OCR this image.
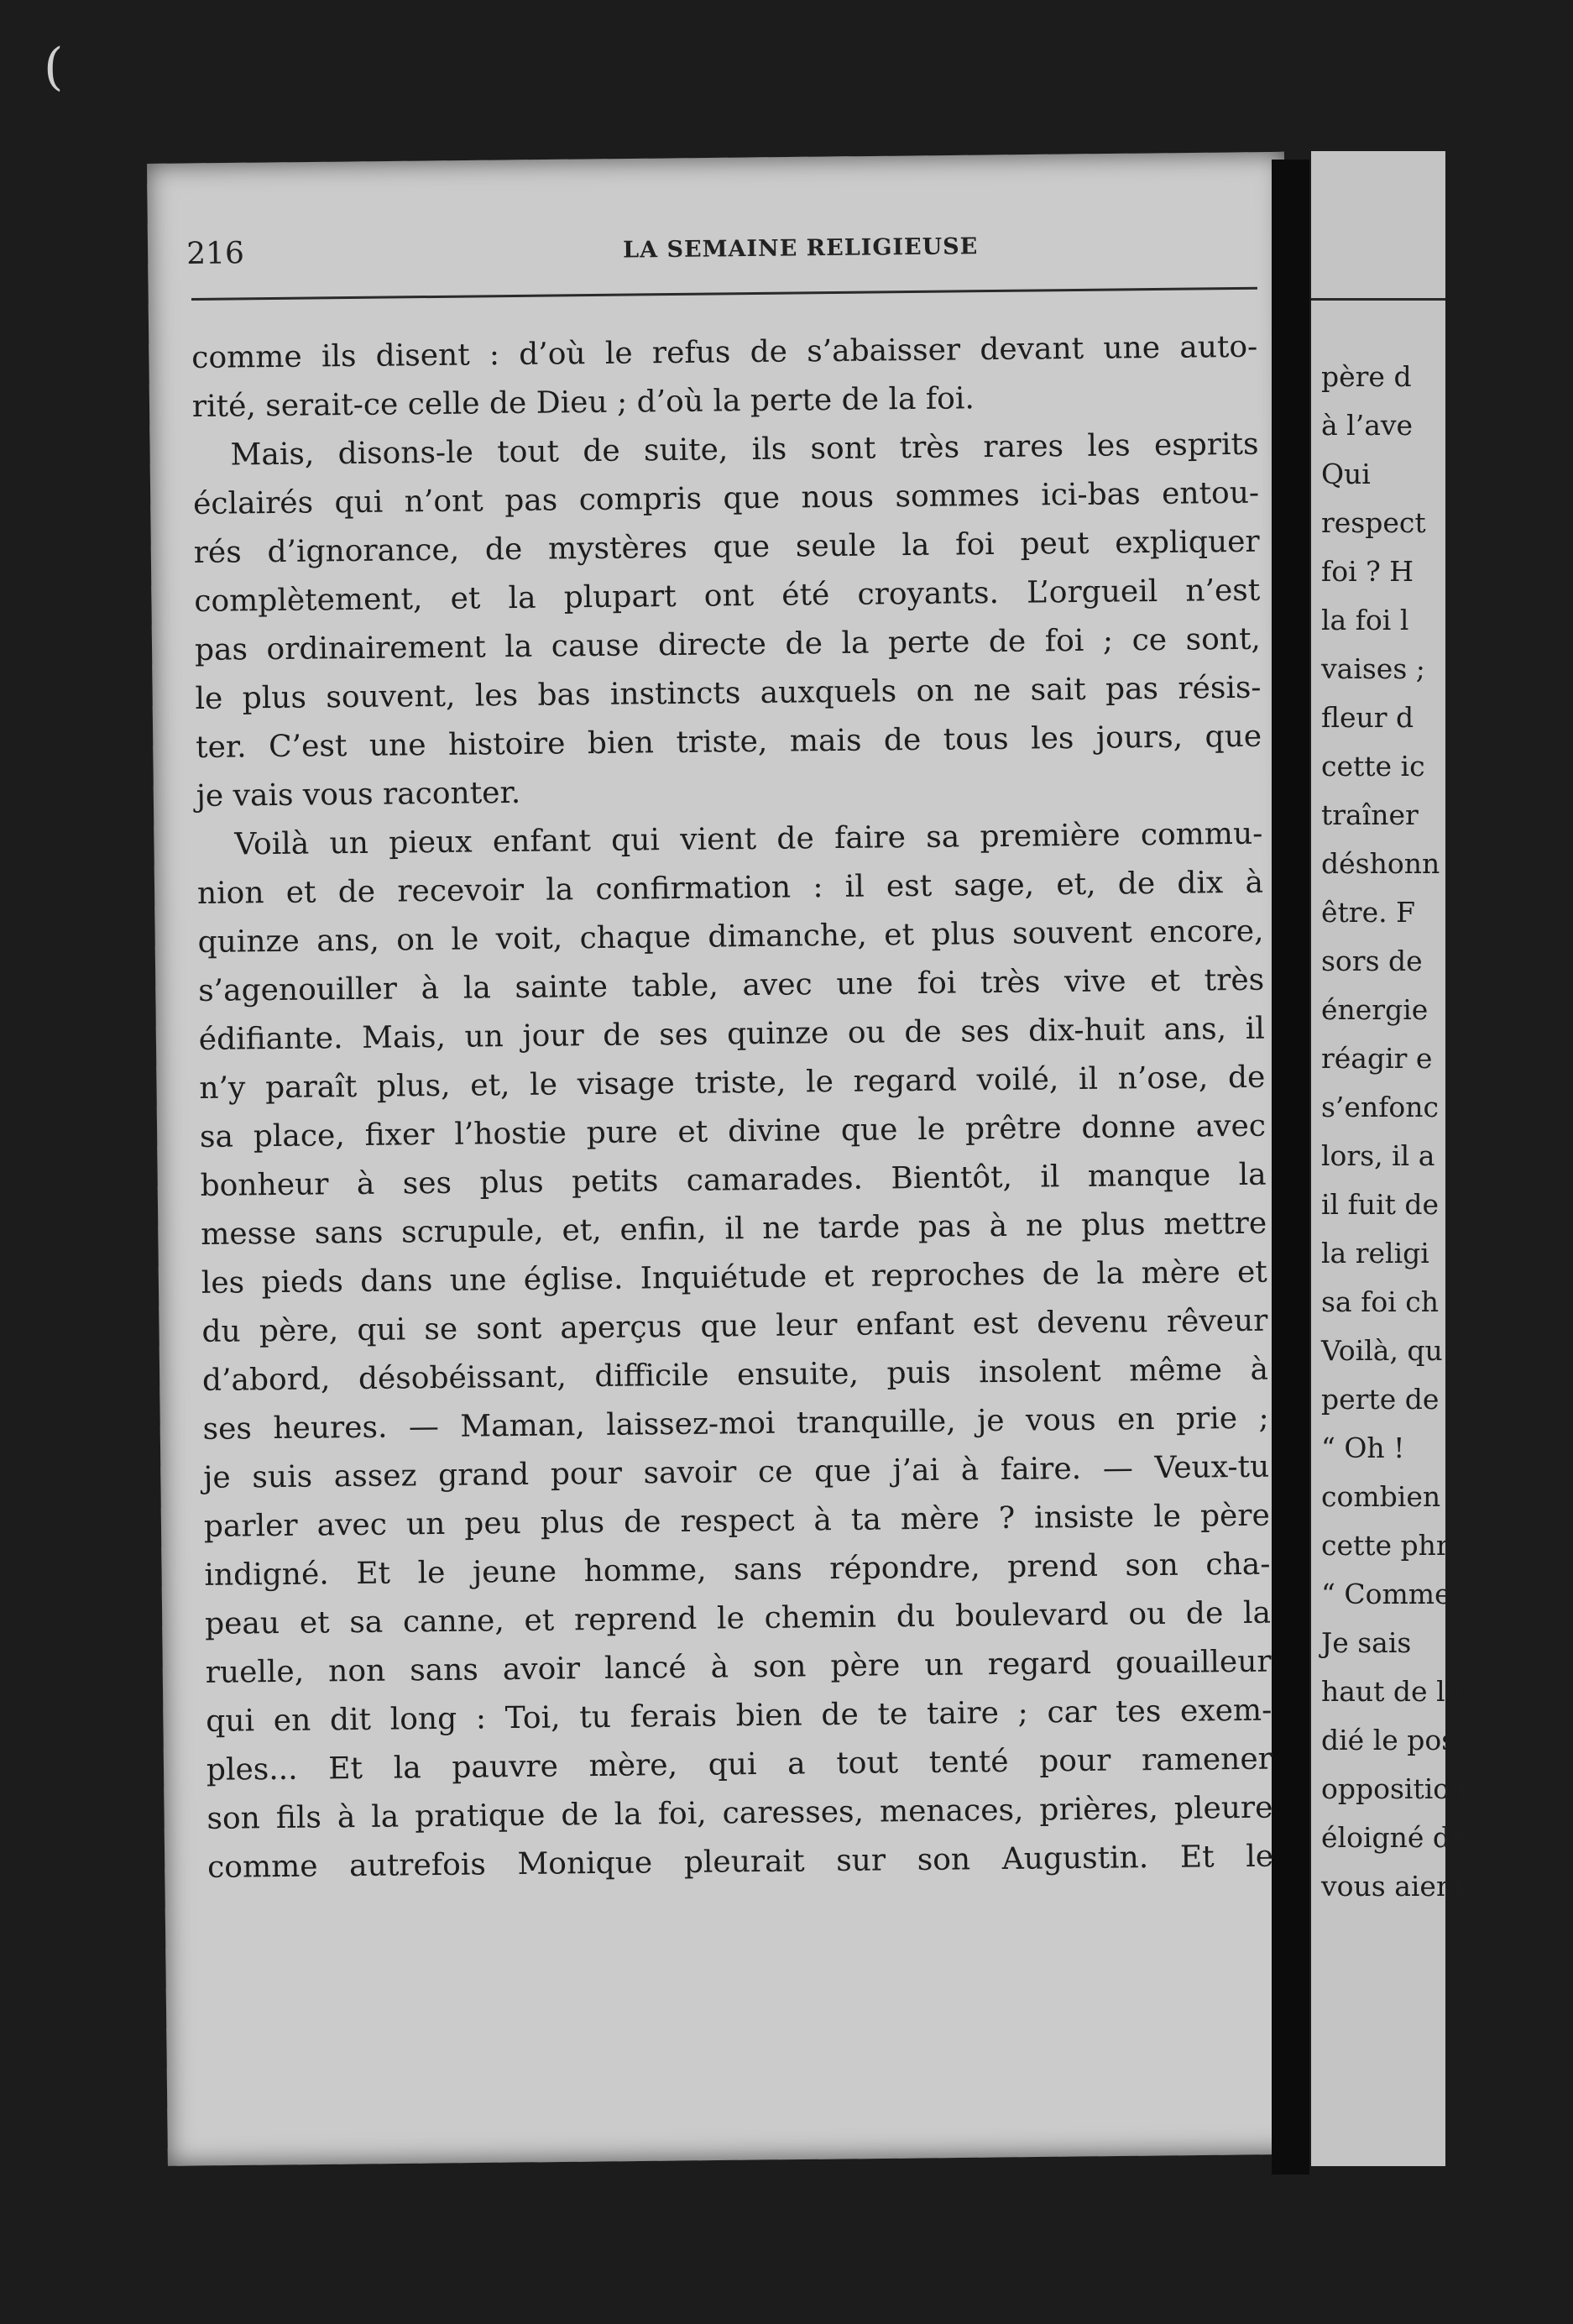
(
père d
à l’ave
Qui
respect
foi ? H
la foi l
vaises ;
fleur d
cette ic
traîner
déshonn
être. F
sors de
énergie
réagir e
s’enfonc
lors, il a
il fuit de
la religi
sa foi ch
Voilà, qu
perte de
“ Oh !
combien
cette phr
“ Comme
Je sais
haut de le
dié le pos
opposition
éloigné de
vous aient
216	LA SEMAINE RELIGIEUSE
comme ils disent : d’où le refus de s’abaisser devant une auto-
rité, serait-ce celle de Dieu ; d’où la perte de la foi.
Mais, disons-le tout de suite, ils sont très rares les esprits
éclairés qui n’ont pas compris que nous sommes ici-bas entou-
rés d’ignorance, de mystères que seule la foi peut expliquer
complètement, et la plupart ont été croyants. L’orgueil n’est
pas ordinairement la cause directe de la perte de foi ; ce sont,
le plus souvent, les bas instincts auxquels on ne sait pas résis-
ter. C’est une histoire bien triste, mais de tous les jours, que
je vais vous raconter.
Voilà un pieux enfant qui vient de faire sa première commu-
nion et de recevoir la confirmation : il est sage, et, de dix à
quinze ans, on le voit, chaque dimanche, et plus souvent encore,
s’agenouiller à la sainte table, avec une foi très vive et très
édifiante. Mais, un jour de ses quinze ou de ses dix-huit ans, il
n’y paraît plus, et, le visage triste, le regard voilé, il n’ose, de
sa place, fixer l’hostie pure et divine que le prêtre donne avec
bonheur à ses plus petits camarades. Bientôt, il manque la
messe sans scrupule, et, enfin, il ne tarde pas à ne plus mettre
les pieds dans une église. Inquiétude et reproches de la mère et
du père, qui se sont aperçus que leur enfant est devenu rêveur
d’abord, désobéissant, difficile ensuite, puis insolent même à
ses heures. — Maman, laissez-moi tranquille, je vous en prie ;
je suis assez grand pour savoir ce que j’ai à faire. — Veux-tu
parler avec un peu plus de respect à ta mère ? insiste le père
indigné. Et le jeune homme, sans répondre, prend son cha-
peau et sa canne, et reprend le chemin du boulevard ou de la
ruelle, non sans avoir lancé à son père un regard gouailleur
qui en dit long : Toi, tu ferais bien de te taire ; car tes exem-
ples... Et la pauvre mère, qui a tout tenté pour ramener
son fils à la pratique de la foi, caresses, menaces, prières, pleure
comme autrefois Monique pleurait sur son Augustin. Et le
